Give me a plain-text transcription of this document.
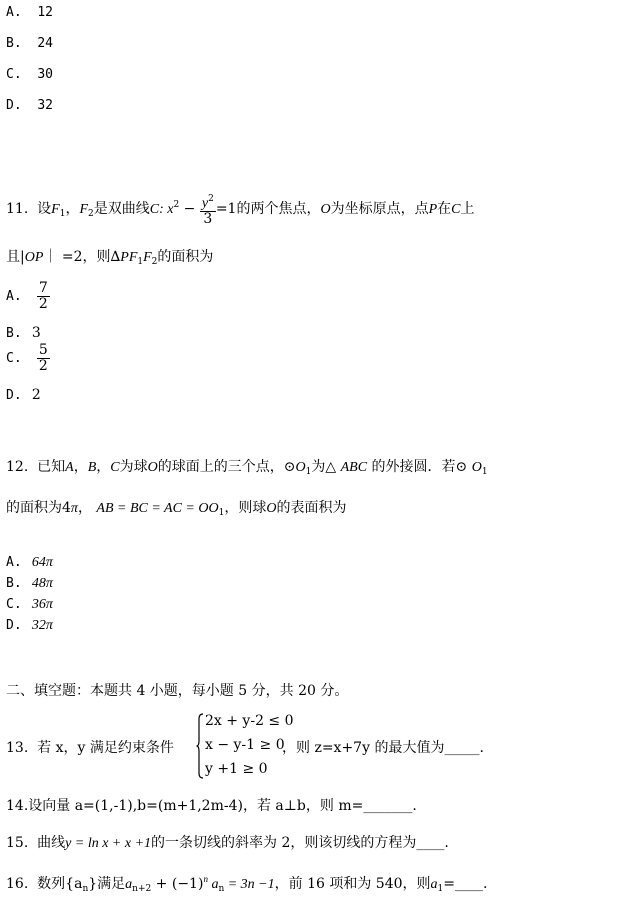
A. 12
B. 24
C. 30
D. 32
11. 设$F_1$，$F_2$是双曲线C: $x^2 - \frac{y^2}{3} =1$的两个焦点，O为坐标原点，点P在C上
且|OP｜ =2，则$\Delta PF_1F_2$的面积为
A. $\frac{7}{2}$
B. 3
C. $\frac{5}{2}$
D. 2
12. 已知A，B，C为球O的球面上的三个点，$⊙O_1$为△ ABC 的外接圆．若⊙ $O_1$
的面积为4π， AB = BC = AC = $OO_1$，则球O的表面积为
A. 64π
B. 48π
C. 36π
D. 32π
二、填空题：本题共 4 小题，每小题 5 分，共 20 分。
13. 若 x，y 满足约束条件
2x + y-2 ≤ 0
x − y-1 ≥ 0
y +1 ≥ 0
，则 z=x+7y 的最大值为_____.
14.设向量 a=(1,-1),b=(m+1,2m-4)，若 a⊥b，则 m=_______.
15. 曲线y = ln x + x +1的一条切线的斜率为 2，则该切线的方程为____.
16. 数列$\{a_n\}$满足$a_{n+2} + (-1)^n$ $a_n = 3n -1$，前 16 项和为 540，则$a_1=\_\_\_\_$.
